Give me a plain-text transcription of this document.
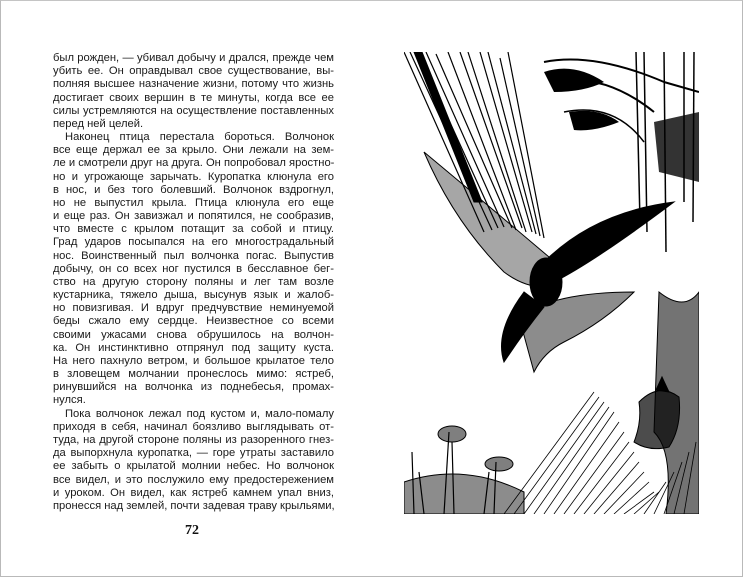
был рожден, — убивал добычу и дрался, прежде чем
убить ее. Он оправдывал свое существование, вы-
полняя высшее назначение жизни, потому что жизнь
достигает своих вершин в те минуты, когда все ее
силы устремляются на осуществление поставленных
перед ней целей.
Наконец птица перестала бороться. Волчонок
все еще держал ее за крыло. Они лежали на зем-
ле и смотрели друг на друга. Он попробовал яростно-
но и угрожающе зарычать. Куропатка клюнула его
в нос, и без того болевший. Волчонок вздрогнул,
но не выпустил крыла. Птица клюнула его еще
и еще раз. Он завизжал и попятился, не сообразив,
что вместе с крылом потащит за собой и птицу.
Град ударов посыпался на его многострадальный
нос. Воинственный пыл волчонка погас. Выпустив
добычу, он со всех ног пустился в бесславное бег-
ство на другую сторону поляны и лег там возле
кустарника, тяжело дыша, высунув язык и жалоб-
но повизгивая. И вдруг предчувствие неминуемой
беды сжало ему сердце. Неизвестное со всеми
своими ужасами снова обрушилось на волчон-
ка. Он инстинктивно отпрянул под защиту куста.
На него пахнуло ветром, и большое крылатое тело
в зловещем молчании пронеслось мимо: ястреб,
ринувшийся на волчонка из поднебесья, промах-
нулся.
Пока волчонок лежал под кустом и, мало-помалу
приходя в себя, начинал боязливо выглядывать от-
туда, на другой стороне поляны из разоренного гнез-
да выпорхнула куропатка, — горе утраты заставило
ее забыть о крылатой молнии небес. Но волчонок
все видел, и это послужило ему предостережением
и уроком. Он видел, как ястреб камнем упал вниз,
пронесся над землей, почти задевая траву крыльями,
72
